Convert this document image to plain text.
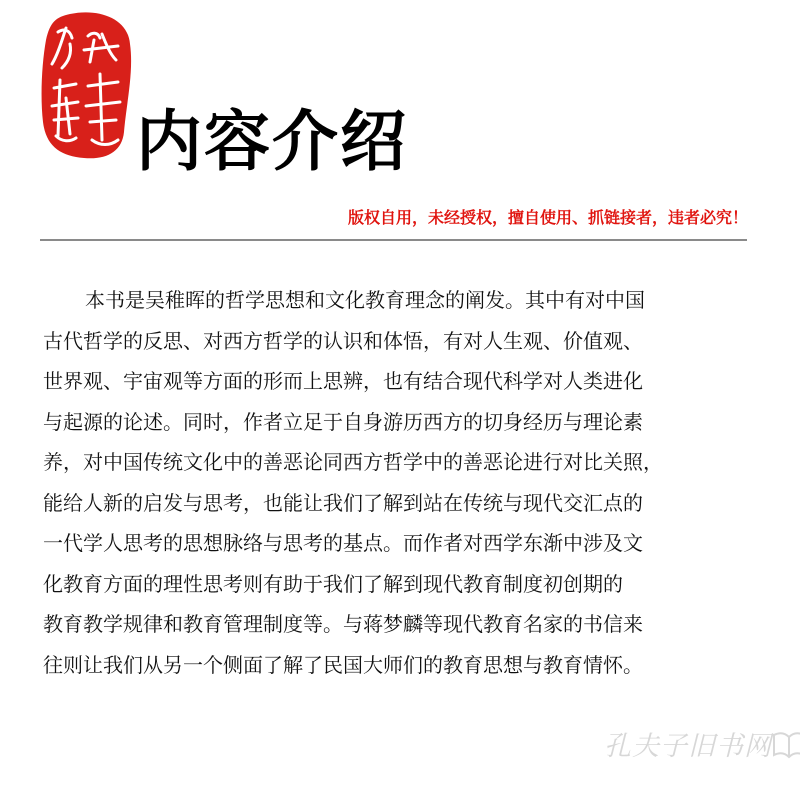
内容介绍
版权自用，未经授权，擅自使用、抓链接者，违者必究！
本书是吴稚晖的哲学思想和文化教育理念的阐发。其中有对中国
古代哲学的反思、对西方哲学的认识和体悟，有对人生观、价值观、
世界观、宇宙观等方面的形而上思辨，也有结合现代科学对人类进化
与起源的论述。同时，作者立足于自身游历西方的切身经历与理论素
养，对中国传统文化中的善恶论同西方哲学中的善恶论进行对比关照，
能给人新的启发与思考，也能让我们了解到站在传统与现代交汇点的
一代学人思考的思想脉络与思考的基点。而作者对西学东渐中涉及文
化教育方面的理性思考则有助于我们了解到现代教育制度初创期的
教育教学规律和教育管理制度等。与蒋梦麟等现代教育名家的书信来
往则让我们从另一个侧面了解了民国大师们的教育思想与教育情怀。
孔夫子旧书网
